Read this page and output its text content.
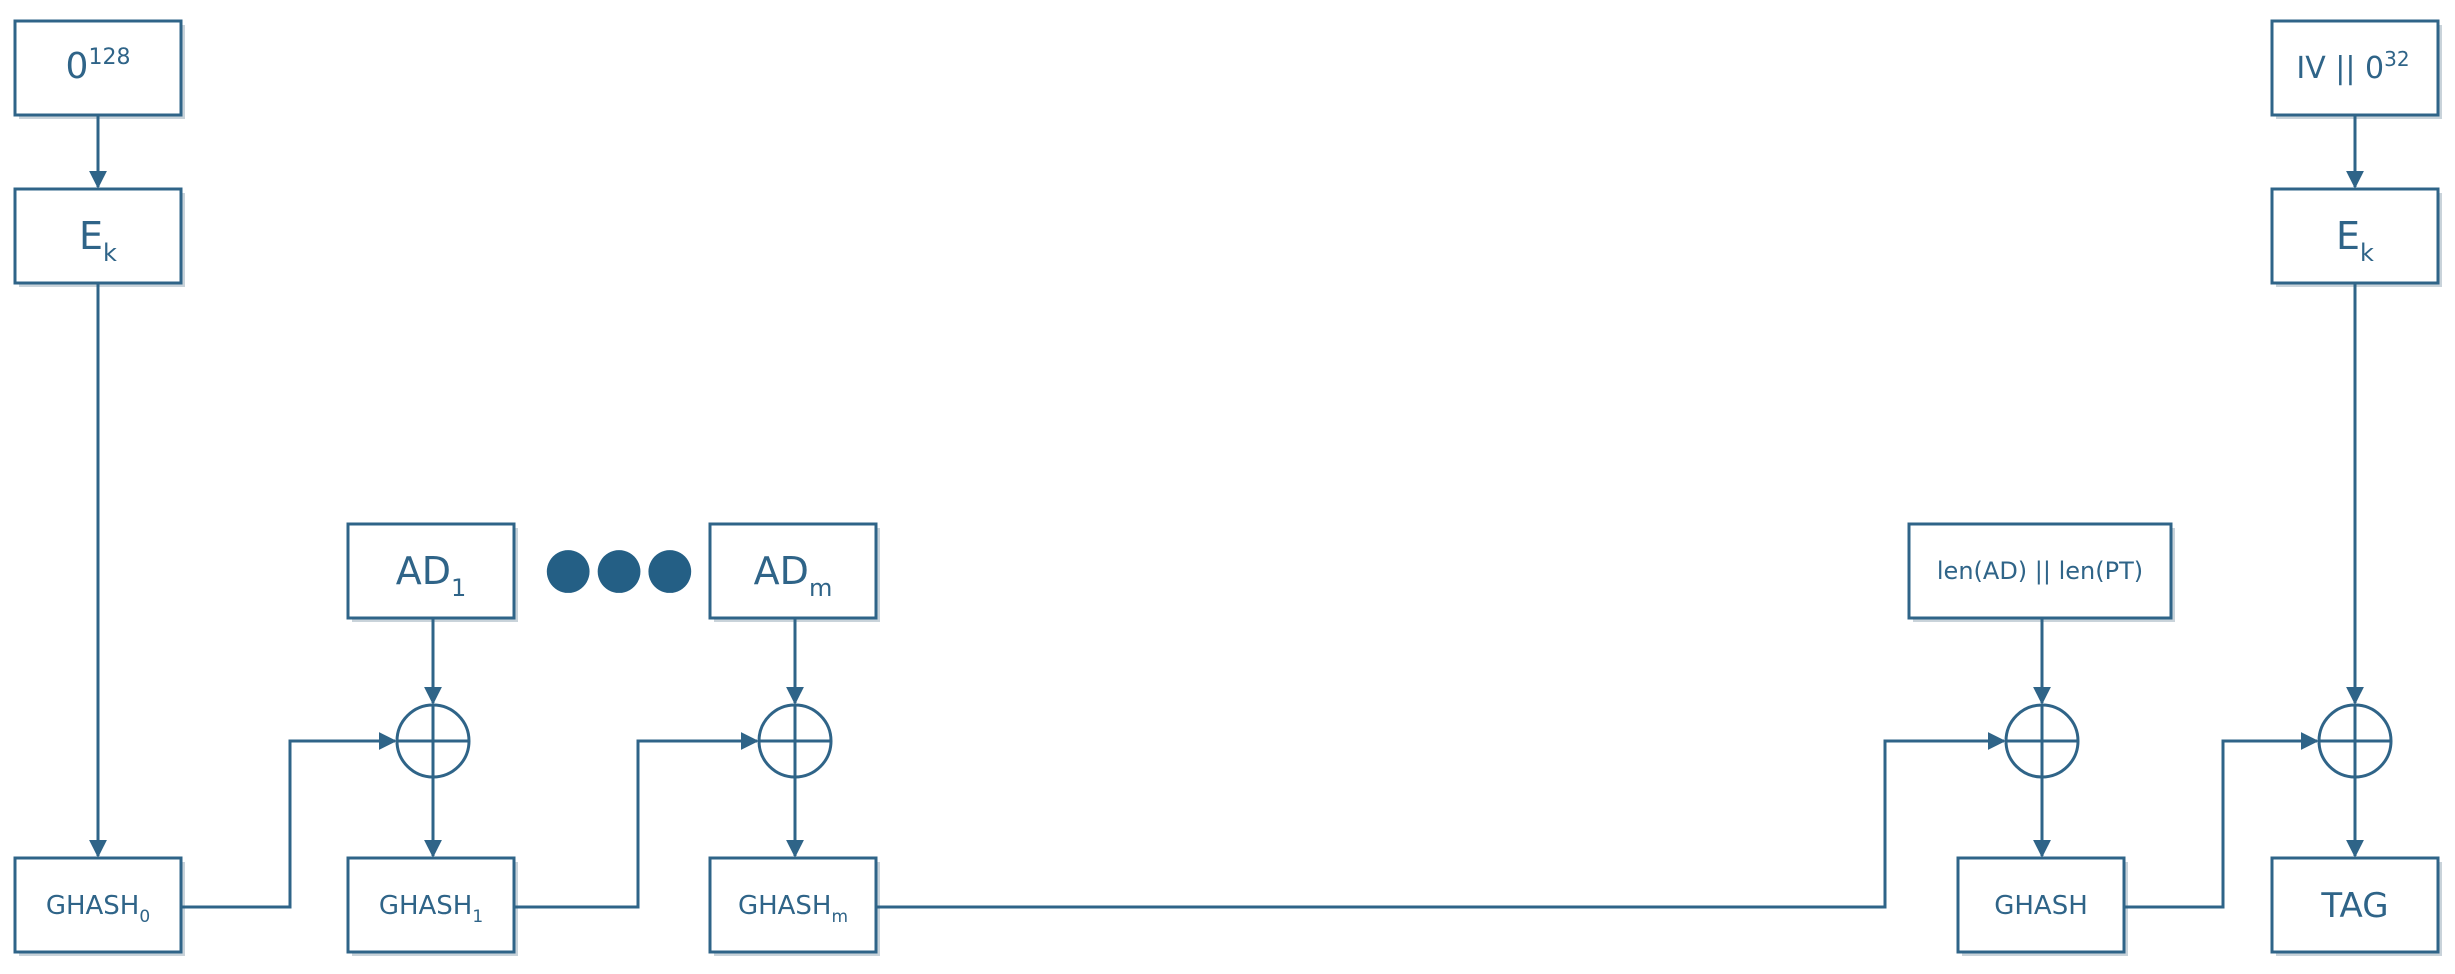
$0^{128}$
$E_k$
$AD_1$ ●●● $AD_m$
len(AD) || len(PT)
IV || $0^{32}$
$E_k$
$GHASH_0$	$GHASH_1$	$GHASH_m$	GHASH	TAG
